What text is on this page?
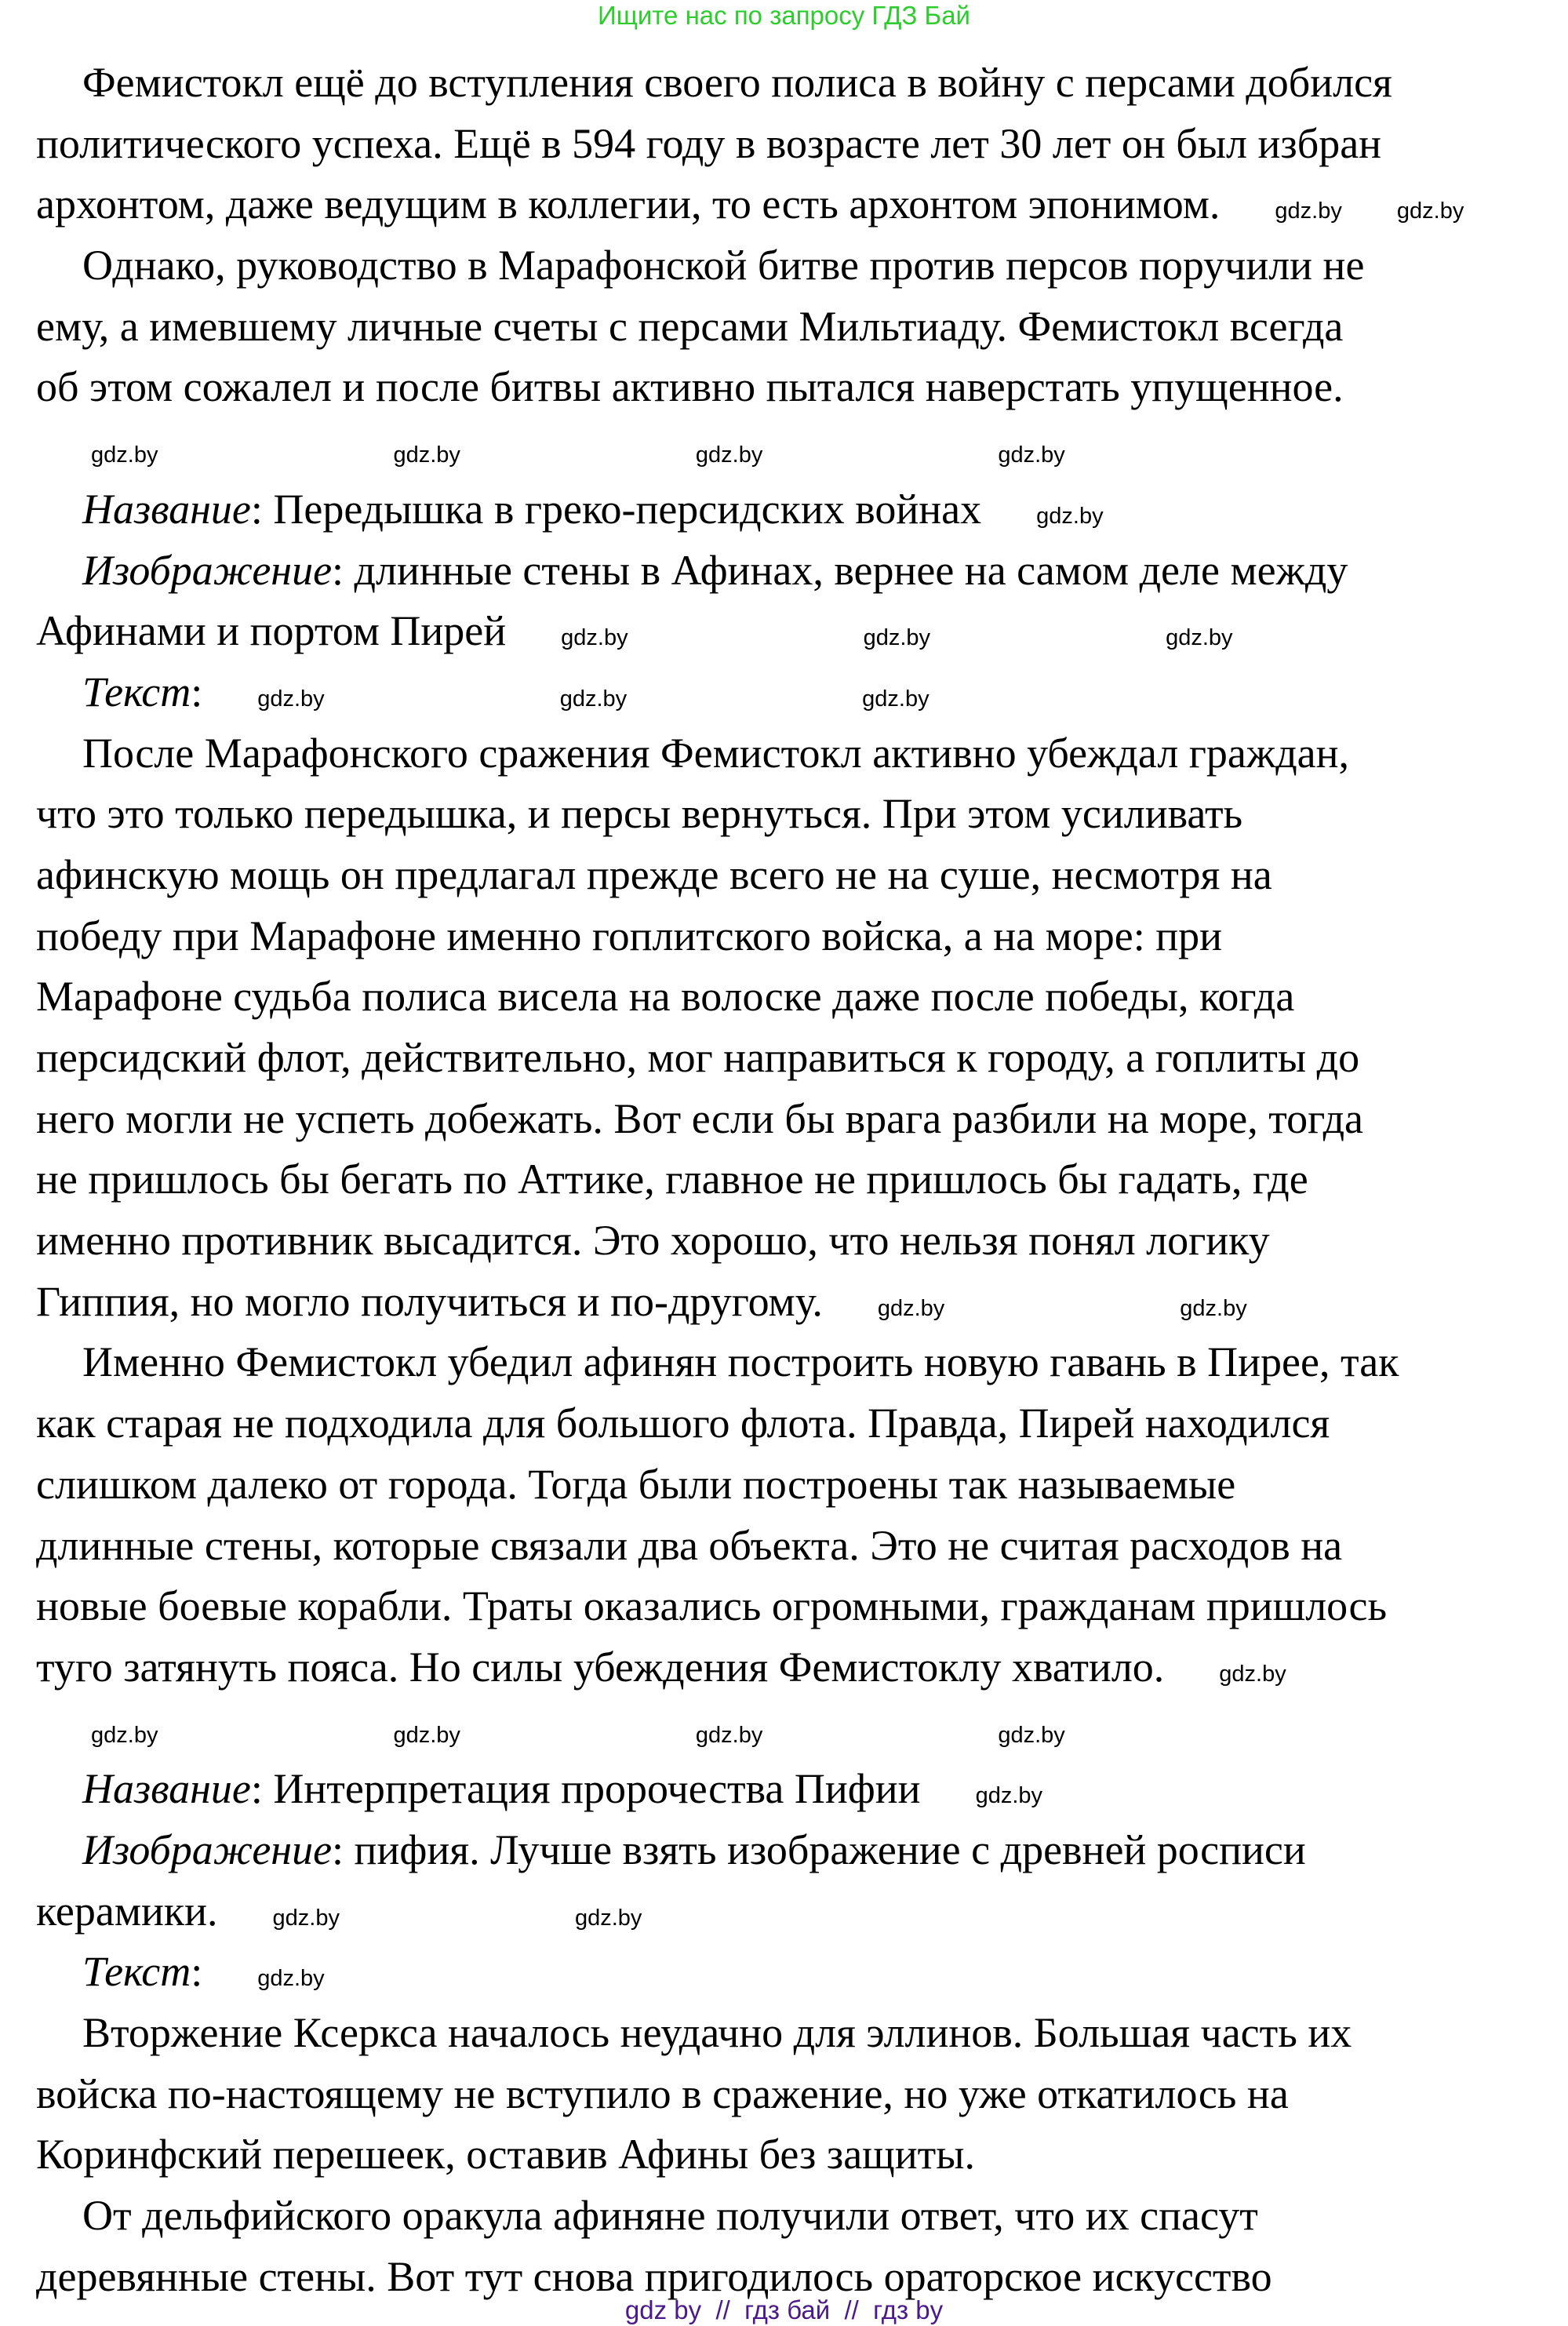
Ищите нас по запросу ГДЗ Бай
Фемистокл ещё до вступления своего полиса в войну с персами добился
политического успеха. Ещё в 594 году в возрасте лет 30 лет он был избран
архонтом, даже ведущим в коллегии, то есть архонтом эпонимом. gdz.by gdz.by
Однако, руководство в Марафонской битве против персов поручили не
ему, а имевшему личные счеты с персами Мильтиаду. Фемистокл всегда
об этом сожалел и после битвы активно пытался наверстать упущенное.
gdz.by	gdz.by	gdz.by	gdz.by
Название: Передышка в греко-персидских войнах gdz.by
Изображение: длинные стены в Афинах, вернее на самом деле между
Афинами и портом Пирей gdz.by	gdz.by	gdz.by
Текст: gdz.by	gdz.by	gdz.by
После Марафонского сражения Фемистокл активно убеждал граждан,
что это только передышка, и персы вернуться. При этом усиливать
афинскую мощь он предлагал прежде всего не на суше, несмотря на
победу при Марафоне именно гоплитского войска, а на море: при
Марафоне судьба полиса висела на волоске даже после победы, когда
персидский флот, действительно, мог направиться к городу, а гоплиты до
него могли не успеть добежать. Вот если бы врага разбили на море, тогда
не пришлось бы бегать по Аттике, главное не пришлось бы гадать, где
именно противник высадится. Это хорошо, что нельзя понял логику
Гиппия, но могло получиться и по-другому. gdz.by	gdz.by
Именно Фемистокл убедил афинян построить новую гавань в Пирее, так
как старая не подходила для большого флота. Правда, Пирей находился
слишком далеко от города. Тогда были построены так называемые
длинные стены, которые связали два объекта. Это не считая расходов на
новые боевые корабли. Траты оказались огромными, гражданам пришлось
туго затянуть пояса. Но силы убеждения Фемистоклу хватило. gdz.by
gdz.by	gdz.by	gdz.by	gdz.by
Название: Интерпретация пророчества Пифии gdz.by
Изображение: пифия. Лучше взять изображение с древней росписи
керамики. gdz.by	gdz.by
Текст: gdz.by
Вторжение Ксеркса началось неудачно для эллинов. Большая часть их
войска по-настоящему не вступило в сражение, но уже откатилось на
Коринфский перешеек, оставив Афины без защиты.
От дельфийского оракула афиняне получили ответ, что их спасут
деревянные стены. Вот тут снова пригодилось ораторское искусство
gdz by  //  гдз бай  //  гдз by
